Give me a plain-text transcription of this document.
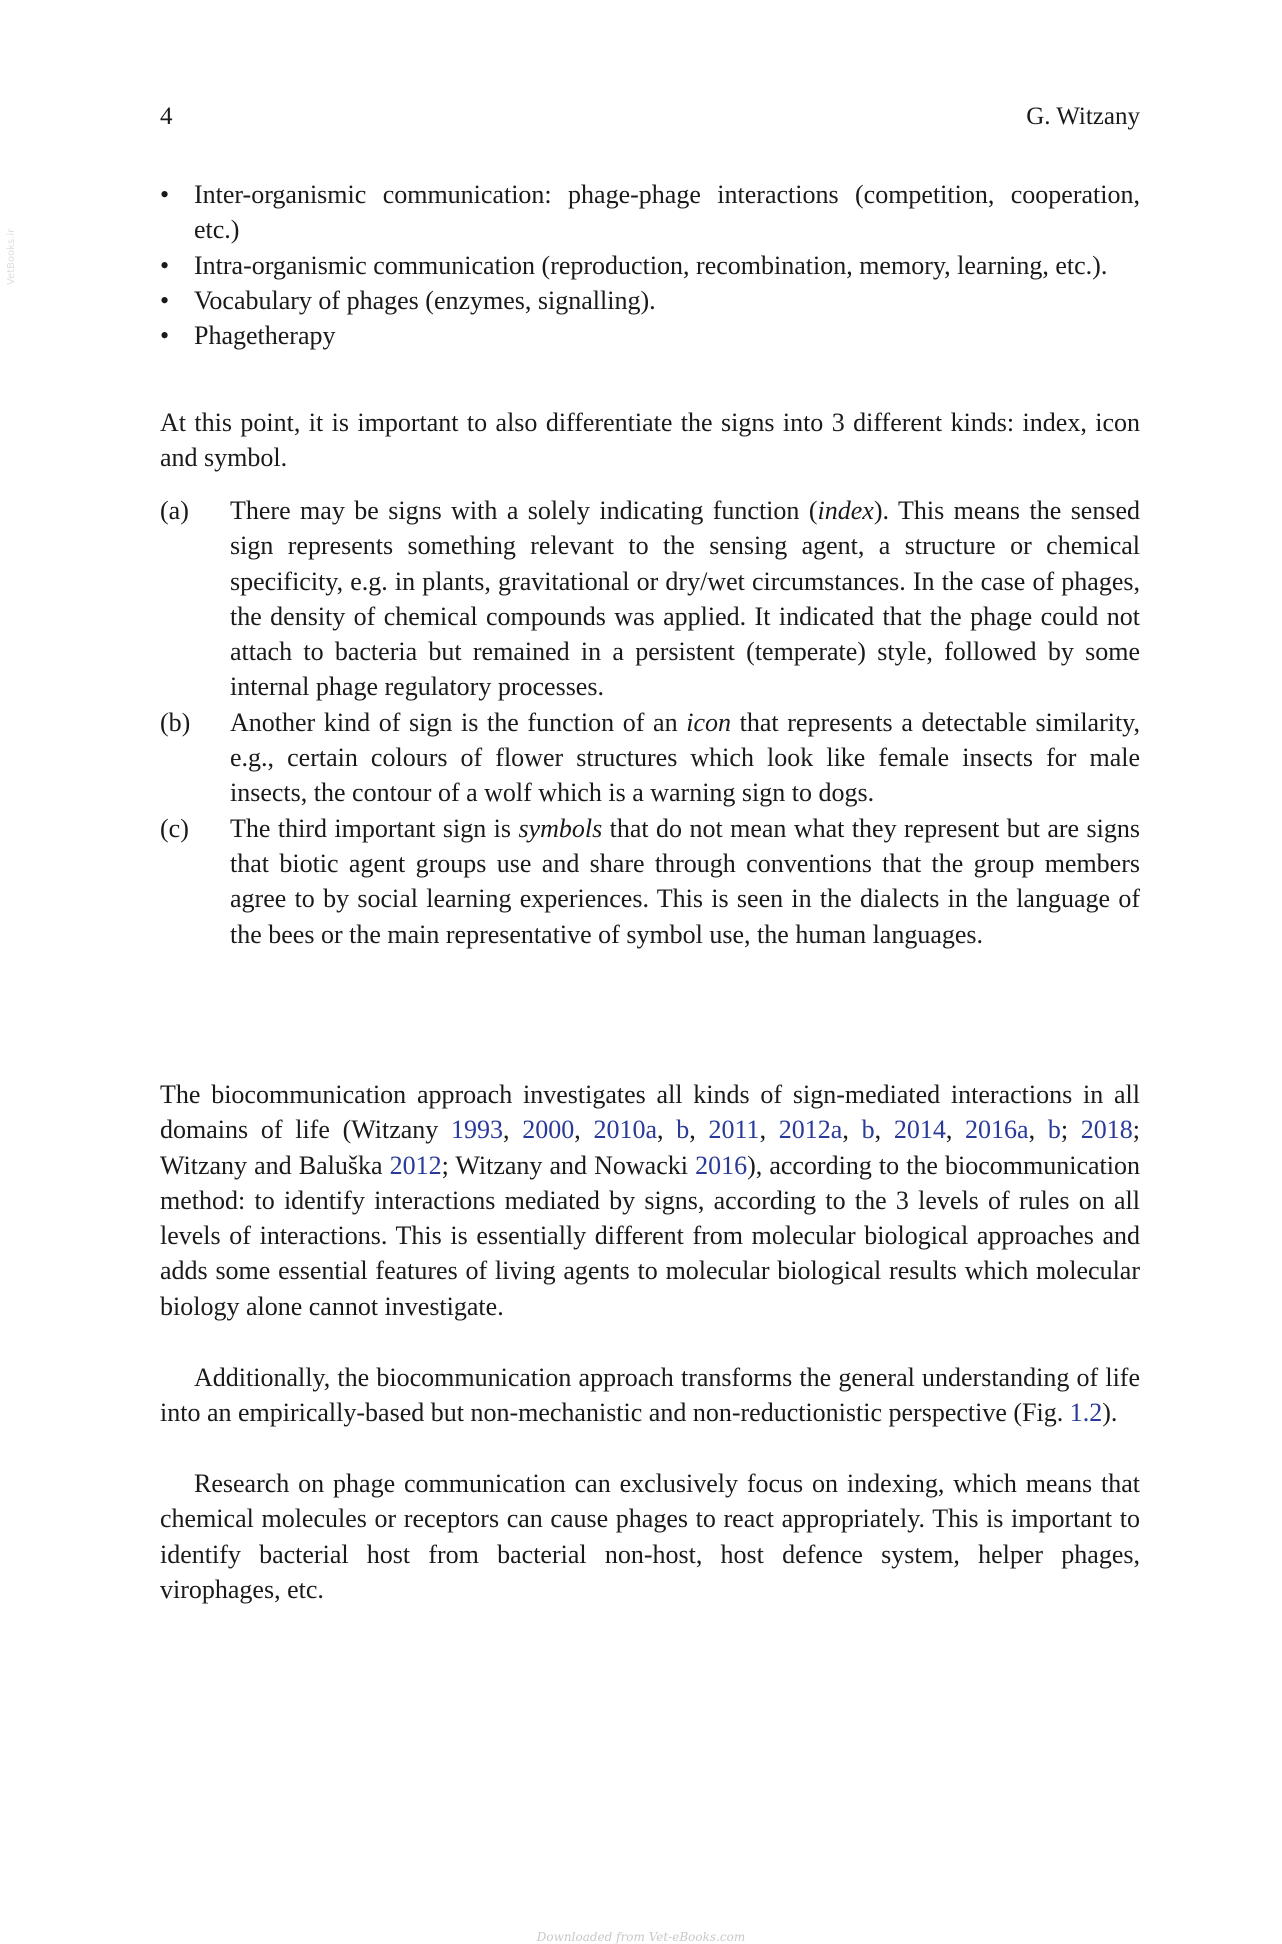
VetBooks.ir
4	G. Witzany
• Inter-organismic communication: phage-phage interactions (competition, cooperation, etc.)
• Intra-organismic communication (reproduction, recombination, memory, learning, etc.).
• Vocabulary of phages (enzymes, signalling).
• Phagetherapy

At this point, it is important to also differentiate the signs into 3 different kinds: index, icon and symbol.

(a) There may be signs with a solely indicating function (index). This means the sensed sign represents something relevant to the sensing agent, a structure or chemical specificity, e.g. in plants, gravitational or dry/wet circumstances. In the case of phages, the density of chemical compounds was applied. It indicated that the phage could not attach to bacteria but remained in a persistent (temperate) style, followed by some internal phage regulatory processes.
(b) Another kind of sign is the function of an icon that represents a detectable similarity, e.g., certain colours of flower structures which look like female insects for male insects, the contour of a wolf which is a warning sign to dogs.
(c) The third important sign is symbols that do not mean what they represent but are signs that biotic agent groups use and share through conventions that the group members agree to by social learning experiences. This is seen in the dialects in the language of the bees or the main representative of symbol use, the human languages.

The biocommunication approach investigates all kinds of sign-mediated interactions in all domains of life (Witzany 1993, 2000, 2010a, b, 2011, 2012a, b, 2014, 2016a, b; 2018; Witzany and Baluška 2012; Witzany and Nowacki 2016), according to the biocommunication method: to identify interactions mediated by signs, according to the 3 levels of rules on all levels of interactions. This is essentially different from molecular biological approaches and adds some essential features of living agents to molecular biological results which molecular biology alone cannot investigate.

Additionally, the biocommunication approach transforms the general understanding of life into an empirically-based but non-mechanistic and non-reductionistic perspective (Fig. 1.2).

Research on phage communication can exclusively focus on indexing, which means that chemical molecules or receptors can cause phages to react appropriately. This is important to identify bacterial host from bacterial non-host, host defence system, helper phages, virophages, etc.

Downloaded from Vet-eBooks.com
